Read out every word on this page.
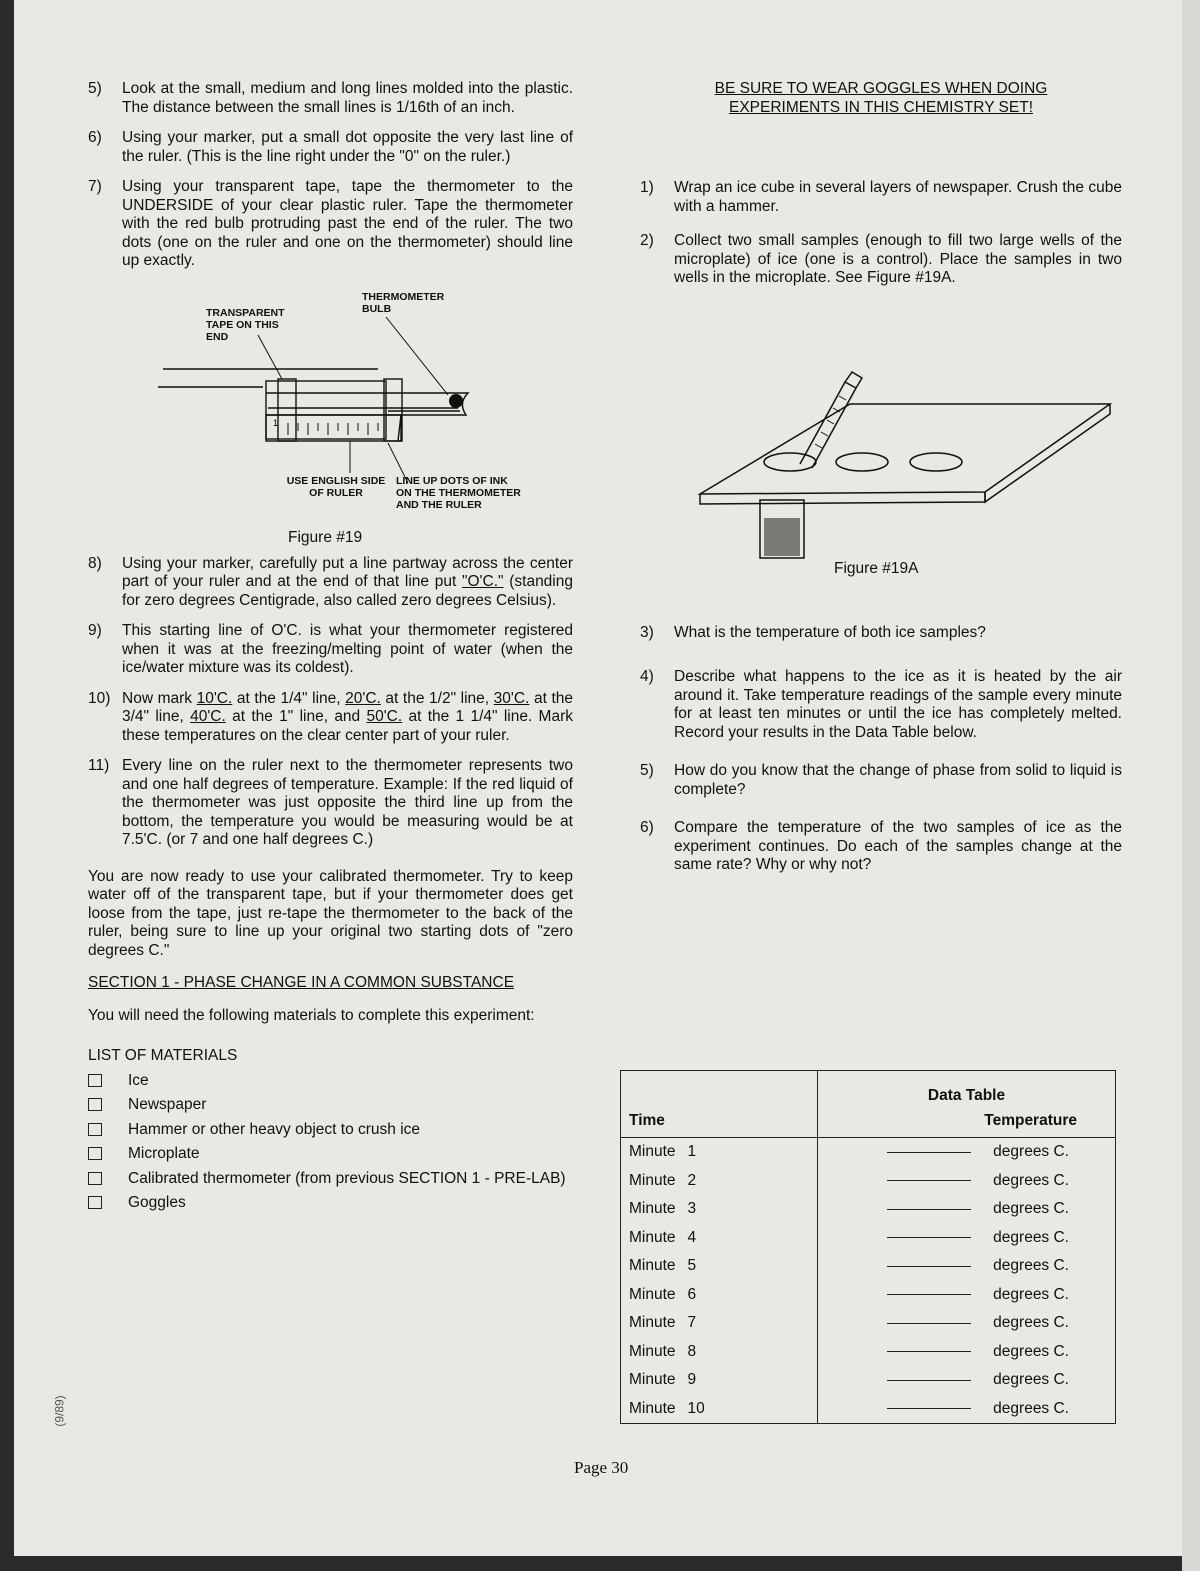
5)	Look at the small, medium and long lines molded into the plastic. The distance between the small lines is 1/16th of an inch.
6)	Using your marker, put a small dot opposite the very last line of the ruler. (This is the line right under the "0" on the ruler.)
7)	Using your transparent tape, tape the thermometer to the UNDERSIDE of your clear plastic ruler. Tape the thermometer with the red bulb protruding past the end of the ruler. The two dots (one on the ruler and one on the thermometer) should line up exactly.
1
TRANSPARENT TAPE ON THIS END
THERMOMETER BULB
USE ENGLISH SIDE OF RULER
LINE UP DOTS OF INK ON THE THERMOMETER AND THE RULER
Figure #19
8)	Using your marker, carefully put a line partway across the center part of your ruler and at the end of that line put "O'C." (standing for zero degrees Centigrade, also called zero degrees Celsius).
9)	This starting line of O'C. is what your thermometer registered when it was at the freezing/melting point of water (when the ice/water mixture was its coldest).
10) Now mark 10'C. at the 1/4" line, 20'C. at the 1/2" line, 30'C. at the 3/4" line, 40'C. at the 1" line, and 50'C. at the 1 1/4" line. Mark these temperatures on the clear center part of your ruler.
11) Every line on the ruler next to the thermometer represents two and one half degrees of temperature. Example: If the red liquid of the thermometer was just opposite the third line up from the bottom, the temperature you would be measuring would be at 7.5'C. (or 7 and one half degrees C.)
You are now ready to use your calibrated thermometer. Try to keep water off of the transparent tape, but if your thermometer does get loose from the tape, just re-tape the thermometer to the back of the ruler, being sure to line up your original two starting dots of "zero degrees C."
SECTION 1 - PHASE CHANGE IN A COMMON SUBSTANCE
You will need the following materials to complete this experiment:
LIST OF MATERIALS
Ice
Newspaper
Hammer or other heavy object to crush ice
Microplate
Calibrated thermometer (from previous SECTION 1 - PRE-LAB)
Goggles
BE SURE TO WEAR GOGGLES WHEN DOING
EXPERIMENTS IN THIS CHEMISTRY SET!
1)	Wrap an ice cube in several layers of newspaper. Crush the cube with a hammer.
2)	Collect two small samples (enough to fill two large wells of the microplate) of ice (one is a control). Place the samples in two wells in the microplate. See Figure #19A.
Figure #19A
3)	What is the temperature of both ice samples?
4)	Describe what happens to the ice as it is heated by the air around it. Take temperature readings of the sample every minute for at least ten minutes or until the ice has completely melted. Record your results in the Data Table below.
5)	How do you know that the change of phase from solid to liquid is complete?
6)	Compare the temperature of the two samples of ice as the experiment continues. Do each of the samples change at the same rate? Why or why not?
	Data Table
Time	Temperature
Minute 1	degrees C.
Minute 2	degrees C.
Minute 3	degrees C.
Minute 4	degrees C.
Minute 5	degrees C.
Minute 6	degrees C.
Minute 7	degrees C.
Minute 8	degrees C.
Minute 9	degrees C.
Minute 10	degrees C.
Page 30
(9/89)
